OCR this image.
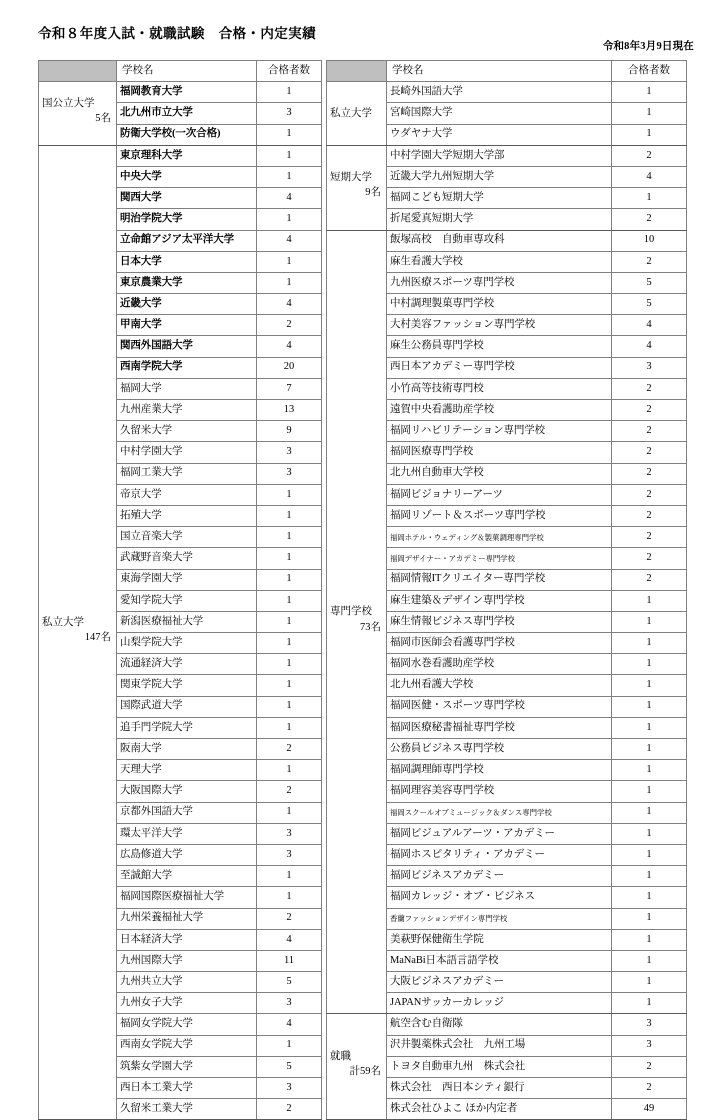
令和８年度入試・就職試験　合格・内定実績
令和8年3月9日現在
	学校名	合格者数

国公立大学
5名	福岡教育大学	1
	北九州市立大学	3
	防衛大学校(一次合格)	1

私立大学
147名	東京理科大学	1
	中央大学	1
	関西大学	4
	明治学院大学	1
	立命館アジア太平洋大学	4
	日本大学	1
	東京農業大学	1
	近畿大学	4
	甲南大学	2
	関西外国語大学	4
	西南学院大学	20
	福岡大学	7
	九州産業大学	13
	久留米大学	9
	中村学園大学	3
	福岡工業大学	3
	帝京大学	1
	拓殖大学	1
	国立音楽大学	1
	武蔵野音楽大学	1
	東海学園大学	1
	愛知学院大学	1
	新潟医療福祉大学	1
	山梨学院大学	1
	流通経済大学	1
	関東学院大学	1
	国際武道大学	1
	追手門学院大学	1
	阪南大学	2
	天理大学	1
	大阪国際大学	2
	京都外国語大学	1
	環太平洋大学	3
	広島修道大学	3
	至誠館大学	1
	福岡国際医療福祉大学	1
	九州栄養福祉大学	2
	日本経済大学	4
	九州国際大学	11
	九州共立大学	5
	九州女子大学	3
	福岡女学院大学	4
	西南女学院大学	1
	筑紫女学園大学	5
	西日本工業大学	3
	久留米工業大学	2
	学校名	合格者数

私立大学	長崎外国語大学	1
	宮崎国際大学	1
	ウダヤナ大学	1

短期大学
9名	中村学園大学短期大学部	2
	近畿大学九州短期大学	4
	福岡こども短期大学	1
	折尾愛真短期大学	2

専門学校
73名	飯塚高校　自動車専攻科	10
	麻生看護大学校	2
	九州医療スポーツ専門学校	5
	中村調理製菓専門学校	5
	大村美容ファッション専門学校	4
	麻生公務員専門学校	4
	西日本アカデミー専門学校	3
	小竹高等技術専門校	2
	遠賀中央看護助産学校	2
	福岡リハビリテーション専門学校	2
	福岡医療専門学校	2
	北九州自動車大学校	2
	福岡ビジョナリーアーツ	2
	福岡リゾート＆スポーツ専門学校	2
	福岡ホテル・ウェディング＆製菓調理専門学校	2
	福岡デザイナー・アカデミー専門学校	2
	福岡情報ITクリエイター専門学校	2
	麻生建築＆デザイン専門学校	1
	麻生情報ビジネス専門学校	1
	福岡市医師会看護専門学校	1
	福岡水巻看護助産学校	1
	北九州看護大学校	1
	福岡医健・スポーツ専門学校	1
	福岡医療秘書福祉専門学校	1
	公務員ビジネス専門学校	1
	福岡調理師専門学校	1
	福岡理容美容専門学校	1
	福岡スクールオブミュージック＆ダンス専門学校	1
	福岡ビジュアルアーツ・アカデミー	1
	福岡ホスピタリティ・アカデミー	1
	福岡ビジネスアカデミー	1
	福岡カレッジ・オブ・ビジネス	1
	香蘭ファッションデザイン専門学校	1
	美萩野保健衛生学院	1
	MaNaBi日本語言語学校	1
	大阪ビジネスアカデミー	1
	JAPANサッカーカレッジ	1

就職
計59名	航空含む自衛隊	3
	沢井製薬株式会社　九州工場	3
	トヨタ自動車九州　株式会社	2
	株式会社　西日本シティ銀行	2
	株式会社ひよこ ほか内定者	49
